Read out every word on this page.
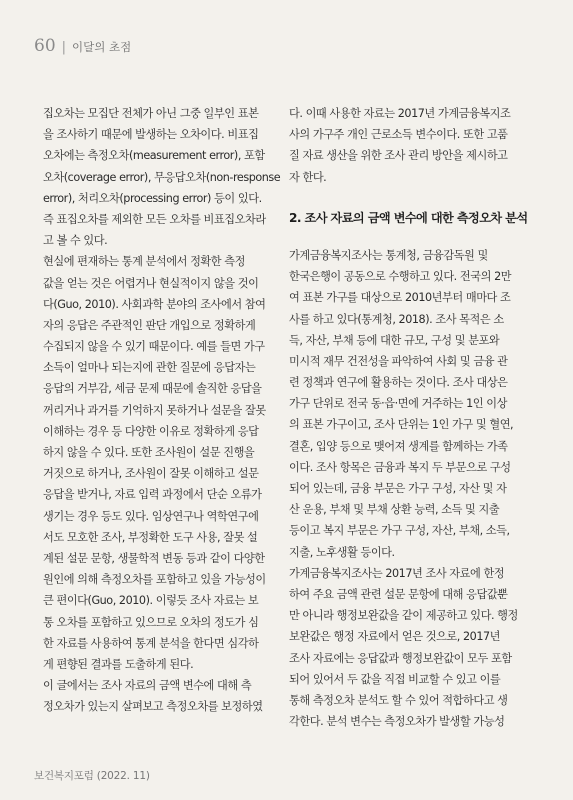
60 | 이달의 초점
집오차는 모집단 전체가 아닌 그중 일부인 표본
을 조사하기 때문에 발생하는 오차이다. 비표집
오차에는 측정오차(measurement error), 포함
오차(coverage error), 무응답오차(non-response
error), 처리오차(processing error) 등이 있다.
즉 표집오차를 제외한 모든 오차를 비표집오차라
고 볼 수 있다.
현실에 편재하는 통계 분석에서 정확한 측정
값을 얻는 것은 어렵거나 현실적이지 않을 것이
다(Guo, 2010). 사회과학 분야의 조사에서 참여
자의 응답은 주관적인 판단 개입으로 정확하게
수집되지 않을 수 있기 때문이다. 예를 들면 가구
소득이 얼마나 되는지에 관한 질문에 응답자는
응답의 거부감, 세금 문제 때문에 솔직한 응답을
꺼리거나 과거를 기억하지 못하거나 설문을 잘못
이해하는 경우 등 다양한 이유로 정확하게 응답
하지 않을 수 있다. 또한 조사원이 설문 진행을
거짓으로 하거나, 조사원이 잘못 이해하고 설문
응답을 받거나, 자료 입력 과정에서 단순 오류가
생기는 경우 등도 있다. 임상연구나 역학연구에
서도 모호한 조사, 부정확한 도구 사용, 잘못 설
계된 설문 문항, 생물학적 변동 등과 같이 다양한
원인에 의해 측정오차를 포함하고 있을 가능성이
큰 편이다(Guo, 2010). 이렇듯 조사 자료는 보
통 오차를 포함하고 있으므로 오차의 정도가 심
한 자료를 사용하여 통계 분석을 한다면 심각하
게 편향된 결과를 도출하게 된다.
이 글에서는 조사 자료의 금액 변수에 대해 측
정오차가 있는지 살펴보고 측정오차를 보정하였
다. 이때 사용한 자료는 2017년 가계금융복지조
사의 가구주 개인 근로소득 변수이다. 또한 고품
질 자료 생산을 위한 조사 관리 방안을 제시하고
자 한다.
2. 조사 자료의 금액 변수에 대한 측정오차 분석
가계금융복지조사는 통계청, 금융감독원 및
한국은행이 공동으로 수행하고 있다. 전국의 2만
여 표본 가구를 대상으로 2010년부터 매마다 조
사를 하고 있다(통계청, 2018). 조사 목적은 소
득, 자산, 부채 등에 대한 규모, 구성 및 분포와
미시적 재무 건전성을 파악하여 사회 및 금융 관
련 정책과 연구에 활용하는 것이다. 조사 대상은
가구 단위로 전국 동·읍·면에 거주하는 1인 이상
의 표본 가구이고, 조사 단위는 1인 가구 및 혈연,
결혼, 입양 등으로 맺어져 생계를 함께하는 가족
이다. 조사 항목은 금융과 복지 두 부문으로 구성
되어 있는데, 금융 부문은 가구 구성, 자산 및 자
산 운용, 부채 및 부채 상환 능력, 소득 및 지출
등이고 복지 부문은 가구 구성, 자산, 부채, 소득,
지출, 노후생활 등이다.
가계금융복지조사는 2017년 조사 자료에 한정
하여 주요 금액 관련 설문 문항에 대해 응답값뿐
만 아니라 행정보완값을 같이 제공하고 있다. 행정
보완값은 행정 자료에서 얻은 것으로, 2017년
조사 자료에는 응답값과 행정보완값이 모두 포함
되어 있어서 두 값을 직접 비교할 수 있고 이를
통해 측정오차 분석도 할 수 있어 적합하다고 생
각한다. 분석 변수는 측정오차가 발생할 가능성
보건복지포럼 (2022. 11)
